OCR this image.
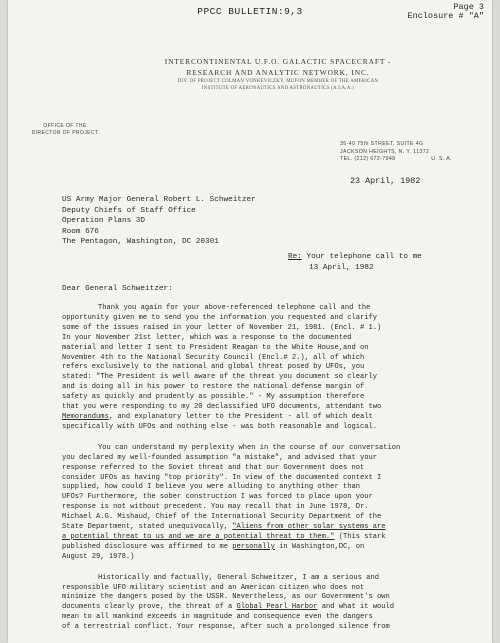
PPCC BULLETIN:9,3	Page 3
Enclosure # "A"
INTERCONTINENTAL U.F.O. GALACTIC SPACECRAFT -
RESEARCH AND ANALYTIC NETWORK, INC.
DIV. OF PROJECT COLMAN VONKEVICZKY, MUFON MEMBER OF THE AMERICAN
INSTITUTE OF AERONAUTICS AND ASTRONAUTICS (A.I.A.A.)
OFFICE OF THE
DIRECTOR OF PROJECT
35-40 75th STREET, SUITE 4G
JACKSON HEIGHTS, N. Y. 11372
TEL. (212) 672-7948	U. S. A.
23 April, 1982
US Army Major General Robert L. Schweitzer
Deputy Chiefs of Staff Office
Operation Plans 3D
Room 676
The Pentagon, Washington, DC 20301
Re: Your telephone call to me
13 April, 1982
Dear General Schweitzer:

Thank you again for your above-referenced telephone call and the
opportunity given me to send you the information you requested and clarify
some of the issues raised in your letter of November 21, 1981. (Encl. # 1.)
In your November 21st letter, which was a response to the documented
material and letter I sent to President Reagan to the White House,and on
November 4th to the National Security Council (Encl.# 2.), all of which
refers exclusively to the national and global threat posed by UFOs, you
stated: "The President is well aware of the threat you document so clearly
and is doing all in his power to restore the national defense margin of
safety as quickly and prudently as possible." - My assumption therefore
that you were responding to my 20 declassified UFO documents, attendant two
Memorandums, and explanatory letter to the President - all of which dealt
specifically with UFOs and nothing else - was both reasonable and logical.

You can understand my perplexity when in the course of our conversation
you declared my well-founded assumption "a mistake", and advised that your
response referred to the Soviet threat and that our Government does not
consider UFOs as having "top priority". In view of the documented context I
supplied, how could I believe you were alluding to anything other than
UFOs? Furthermore, the sober construction I was forced to place upon your
response is not without precedent. You may recall that in June 1978, Dr.
Michael A.G. Mishaud, Chief of the International Security Department of the
State Department, stated unequivocally, "Aliens from other solar systems are
a potential threat to us and we are a potential threat to them." (This stark
published disclosure was affirmed to me personally in Washington,DC, on
August 29, 1978.)

Historically and factually, General Schweitzer, I am a serious and
responsible UFO military scientist and an American citizen who does not
minimize the dangers posed by the USSR. Nevertheless, as our Government's own
documents clearly prove, the threat of a Global Pearl Harbor and what it would
mean to all mankind exceeds in magnitude and consequence even the dangers
of a terrestrial conflict. Your response, after such a prolonged silence from
